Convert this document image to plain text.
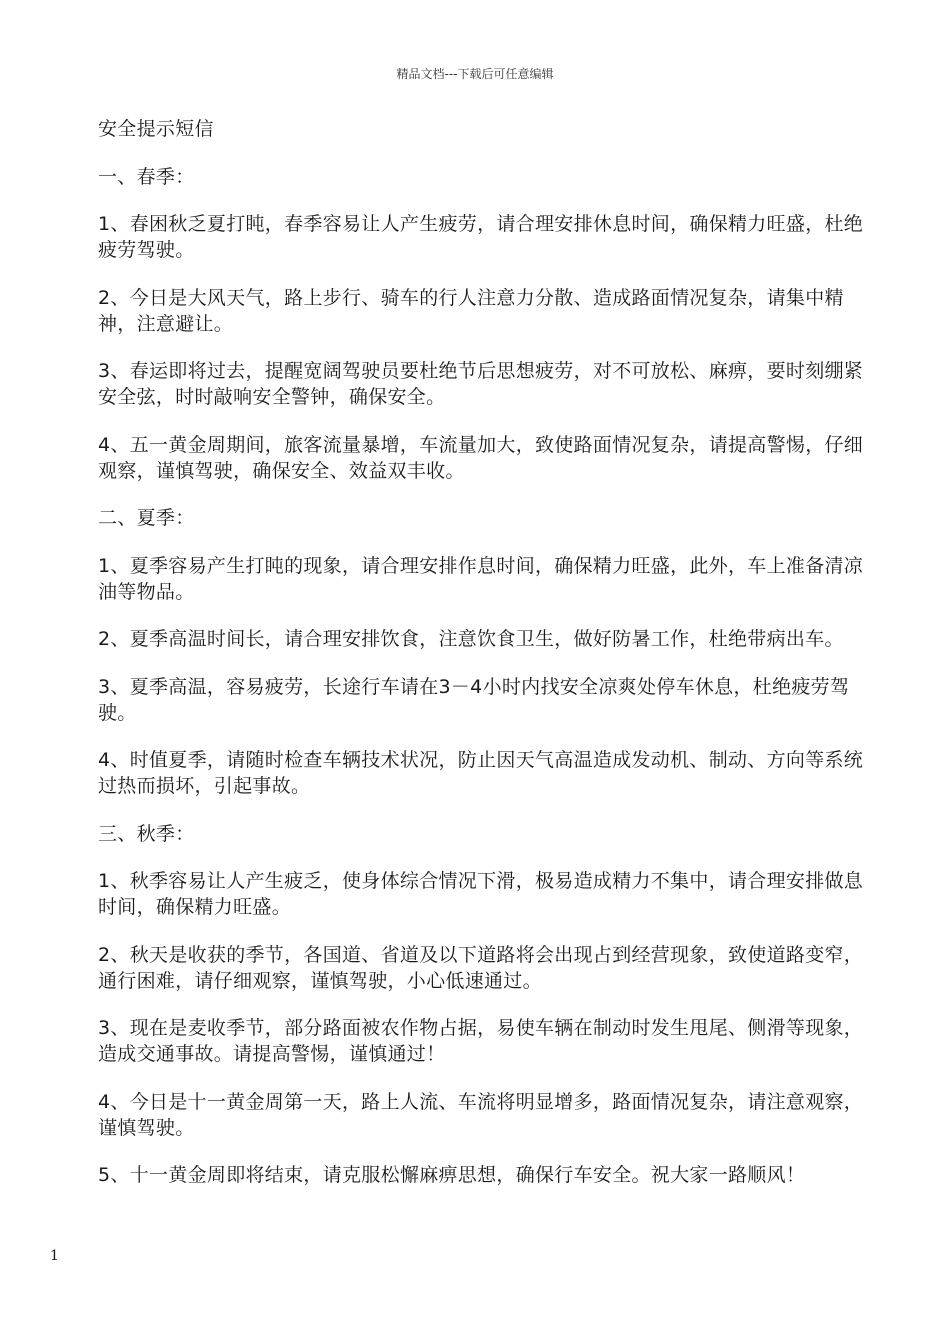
精品文档---下载后可任意编辑

安全提示短信

一、春季：

1、春困秋乏夏打盹，春季容易让人产生疲劳，请合理安排休息时间，确保精力旺盛，杜绝疲劳驾驶。

2、今日是大风天气，路上步行、骑车的行人注意力分散、造成路面情况复杂，请集中精神，注意避让。

3、春运即将过去，提醒宽阔驾驶员要杜绝节后思想疲劳，对不可放松、麻痹，要时刻绷紧安全弦，时时敲响安全警钟，确保安全。

4、五一黄金周期间，旅客流量暴增，车流量加大，致使路面情况复杂，请提高警惕，仔细观察，谨慎驾驶，确保安全、效益双丰收。

二、夏季：

1、夏季容易产生打盹的现象，请合理安排作息时间，确保精力旺盛，此外，车上准备清凉油等物品。

2、夏季高温时间长，请合理安排饮食，注意饮食卫生，做好防暑工作，杜绝带病出车。

3、夏季高温，容易疲劳，长途行车请在3－4小时内找安全凉爽处停车休息，杜绝疲劳驾驶。

4、时值夏季，请随时检查车辆技术状况，防止因天气高温造成发动机、制动、方向等系统过热而损坏，引起事故。

三、秋季：

1、秋季容易让人产生疲乏，使身体综合情况下滑，极易造成精力不集中，请合理安排做息时间，确保精力旺盛。

2、秋天是收获的季节，各国道、省道及以下道路将会出现占到经营现象，致使道路变窄，通行困难，请仔细观察，谨慎驾驶，小心低速通过。

3、现在是麦收季节，部分路面被农作物占据，易使车辆在制动时发生甩尾、侧滑等现象，造成交通事故。请提高警惕，谨慎通过！

4、今日是十一黄金周第一天，路上人流、车流将明显增多，路面情况复杂，请注意观察，谨慎驾驶。

5、十一黄金周即将结束，请克服松懈麻痹思想，确保行车安全。祝大家一路顺风！

1
